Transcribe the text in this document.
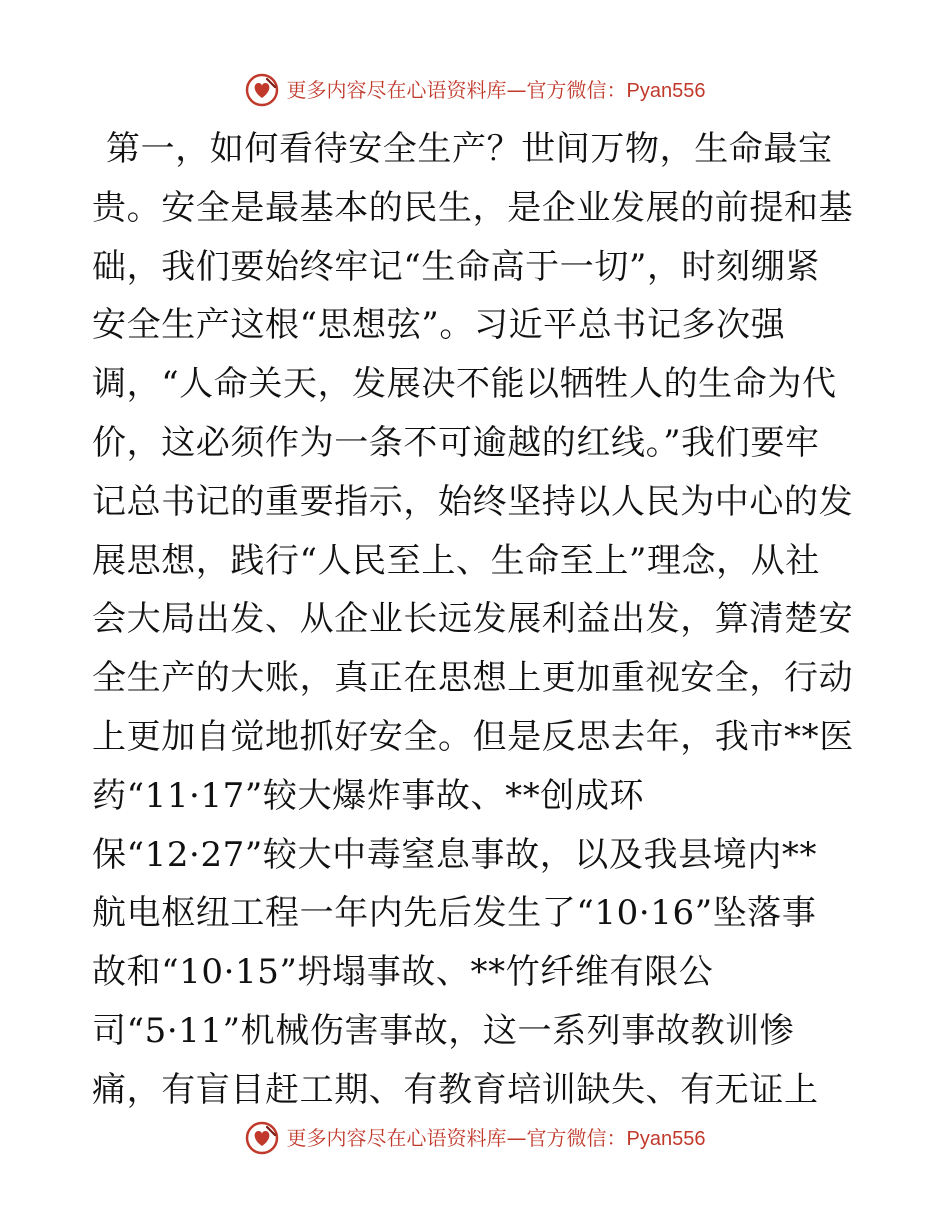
更多内容尽在心语资料库—官方微信：Pyan556
第一，如何看待安全生产？世间万物，生命最宝
贵。安全是最基本的民生，是企业发展的前提和基
础，我们要始终牢记“生命高于一切”，时刻绷紧
安全生产这根“思想弦”。习近平总书记多次强
调，“人命关天，发展决不能以牺牲人的生命为代
价，这必须作为一条不可逾越的红线。”我们要牢
记总书记的重要指示，始终坚持以人民为中心的发
展思想，践行“人民至上、生命至上”理念，从社
会大局出发、从企业长远发展利益出发，算清楚安
全生产的大账，真正在思想上更加重视安全，行动
上更加自觉地抓好安全。但是反思去年，我市**医
药“11·17”较大爆炸事故、**创成环
保“12·27”较大中毒窒息事故，以及我县境内**
航电枢纽工程一年内先后发生了“10·16”坠落事
故和“10·15”坍塌事故、**竹纤维有限公
司“5·11”机械伤害事故，这一系列事故教训惨
痛，有盲目赶工期、有教育培训缺失、有无证上
更多内容尽在心语资料库—官方微信：Pyan556
